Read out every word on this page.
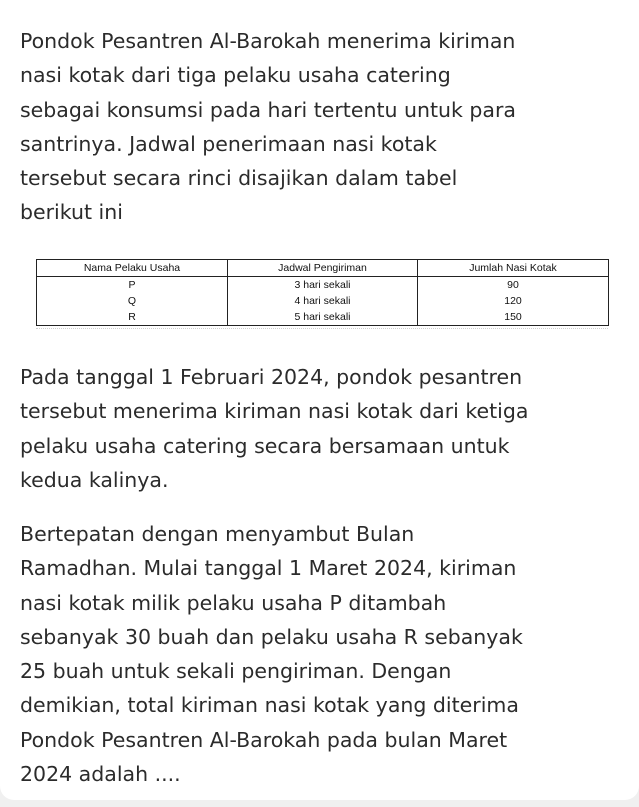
Pondok Pesantren Al-Barokah menerima kiriman
nasi kotak dari tiga pelaku usaha catering
sebagai konsumsi pada hari tertentu untuk para
santrinya. Jadwal penerimaan nasi kotak
tersebut secara rinci disajikan dalam tabel
berikut ini

Nama Pelaku Usaha	Jadwal Pengiriman	Jumlah Nasi Kotak
P	3 hari sekali	90
Q	4 hari sekali	120
R	5 hari sekali	150

Pada tanggal 1 Februari 2024, pondok pesantren
tersebut menerima kiriman nasi kotak dari ketiga
pelaku usaha catering secara bersamaan untuk
kedua kalinya.

Bertepatan dengan menyambut Bulan
Ramadhan. Mulai tanggal 1 Maret 2024, kiriman
nasi kotak milik pelaku usaha P ditambah
sebanyak 30 buah dan pelaku usaha R sebanyak
25 buah untuk sekali pengiriman. Dengan
demikian, total kiriman nasi kotak yang diterima
Pondok Pesantren Al-Barokah pada bulan Maret
2024 adalah ....
